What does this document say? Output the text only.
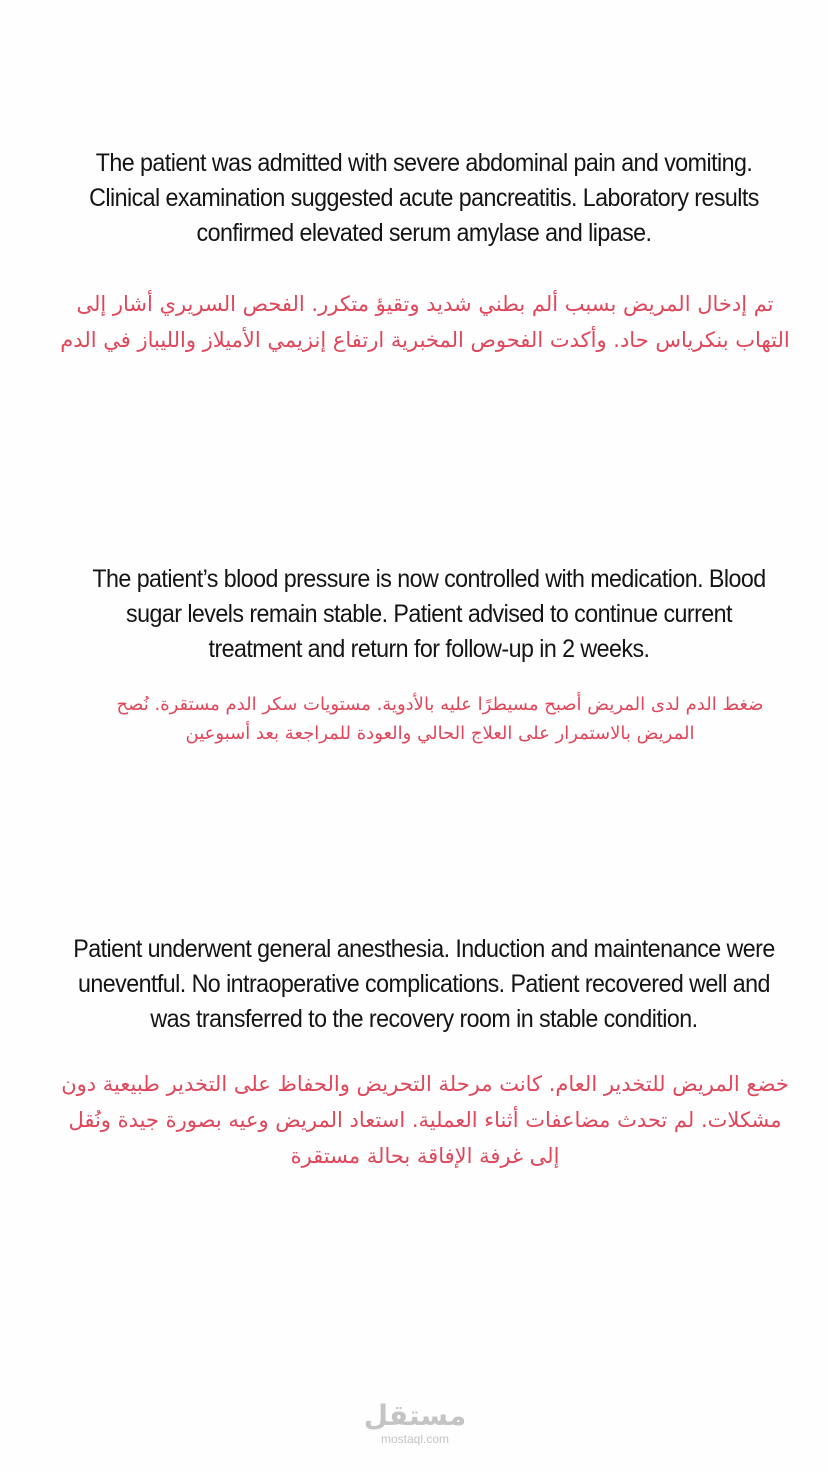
The patient was admitted with severe abdominal pain and vomiting. Clinical examination suggested acute pancreatitis. Laboratory results confirmed elevated serum amylase and lipase.

تم إدخال المريض بسبب ألم بطني شديد وتقيؤ متكرر. الفحص السريري أشار إلى التهاب بنكرياس حاد. وأكدت الفحوص المخبرية ارتفاع إنزيمي الأميلاز والليباز في الدم

The patient’s blood pressure is now controlled with medication. Blood sugar levels remain stable. Patient advised to continue current treatment and return for follow-up in 2 weeks.

ضغط الدم لدى المريض أصبح مسيطرًا عليه بالأدوية. مستويات سكر الدم مستقرة. نُصح المريض بالاستمرار على العلاج الحالي والعودة للمراجعة بعد أسبوعين

Patient underwent general anesthesia. Induction and maintenance were uneventful. No intraoperative complications. Patient recovered well and was transferred to the recovery room in stable condition.

خضع المريض للتخدير العام. كانت مرحلة التحريض والحفاظ على التخدير طبيعية دون مشكلات. لم تحدث مضاعفات أثناء العملية. استعاد المريض وعيه بصورة جيدة ونُقل إلى غرفة الإفاقة بحالة مستقرة

مستقل
mostaql.com
